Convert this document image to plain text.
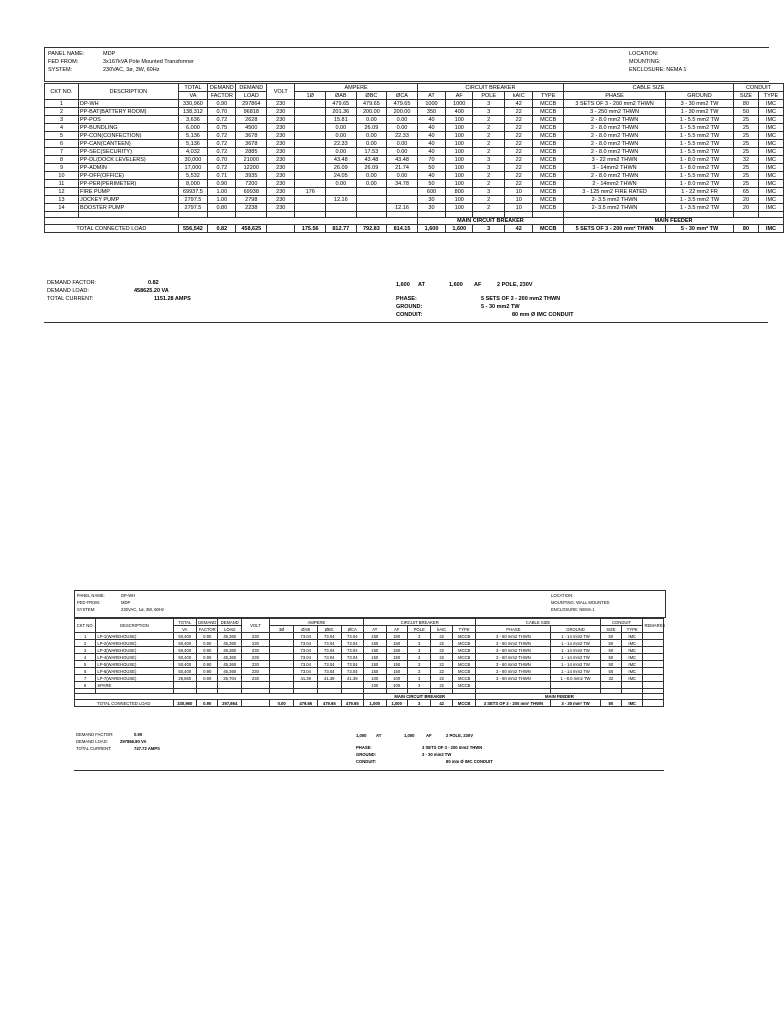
PANEL NAME:	MDP
FED FROM:	3x167kVA Pole Mounted Transformer
SYSTEM:	230VAC, 3ø, 3W, 60Hz
LOCATION:
MOUNTING:
ENCLOSURE: NEMA 1
CKT NO.	DESCRIPTION	TOTAL	DEMAND	DEMAND	VOLT	AMPERE				CIRCUIT BREAKER					CABLE SIZE		CONDUIT	
		VA	FACTOR	LOAD		1Ø	ØAB	ØBC	ØCA	AT	AF	POLE	kAIC	TYPE	PHASE	GROUND	SIZE	TYPE
1	DP-WH	330,960	0.90	297864	230		479.65	479.65	479.65	1000	1000	3	42	MCCB	3 SETS OF 3 - 200 mm2 THWN	3 - 30 mm2 TW	80	IMC
2	PP-BAT(BATTERY ROOM)	138,312	0.70	96818	230		201.36	200.00	200.00	350	400	3	22	MCCB	3 - 250 mm2 THWN	1 - 30 mm2 TW	50	IMC
3	PP-POS	3,636	0.72	2628	230		15.81	0.00	0.00	40	100	2	22	MCCB	2 - 8.0 mm2 THWN	1 - 5.5 mm2 TW	25	IMC
4	PP-BUNDLING	6,000	0.75	4500	230		0.00	26.09	0.00	40	100	2	22	MCCB	2 - 8.0 mm2 THWN	1 - 5.5 mm2 TW	25	IMC
5	PP-CON(CONFECTION)	5,136	0.72	3678	230		0.00	0.00	22.33	40	100	2	22	MCCB	2 - 8.0 mm2 THWN	1 - 5.5 mm2 TW	25	IMC
6	PP-CAN(CANTEEN)	5,136	0.72	3678	230		22.33	0.00	0.00	40	100	2	22	MCCB	2 - 8.0 mm2 THWN	1 - 5.5 mm2 TW	25	IMC
7	PP-SEC(SECURITY)	4,032	0.72	2885	230		0.00	17.53	0.00	40	100	2	22	MCCB	2 - 8.0 mm2 THWN	1 - 5.5 mm2 TW	25	IMC
8	PP-DL(DOCK LEVELERS)	30,000	0.70	21000	230		43.48	43.48	43.48	70	100	3	22	MCCB	3 - 22 mm2 THWN	1 - 8.0 mm2 TW	32	IMC
9	PP-ADMIN	17,000	0.72	12200	230		26.09	26.09	21.74	50	100	3	22	MCCB	3 - 14mm2 THWN	1 - 8.0 mm2 TW	25	IMC
10	PP-OFF(OFFICE)	5,532	0.71	3935	230		24.05	0.00	0.00	40	100	2	22	MCCB	2 - 8.0 mm2 THWN	1 - 5.5 mm2 TW	25	IMC
11	PP-PER(PERIMETER)	8,000	0.90	7200	230		0.00	0.00	34.78	50	100	2	22	MCCB	2 - 14mm2 THWN	1 - 8.0 mm2 TW	25	IMC
12	FIRE PUMP	69937.5	1.00	69938	230	176				600	800	3	10	MCCB	3 - 125 mm2 FIRE RATED	1 - 22 mm2 FR	65	IMC
13	JOCKEY PUMP	2797.5	1.00	2798	230		12.16			30	100	2	10	MCCB	2- 3.5 mm2 THWN	1 - 3.5 mm2 TW	20	IMC
14	BOOSTER PUMP	2797.5	0.80	2238	230				12.16	30	100	2	10	MCCB	2- 3.5 mm2 THWN	1 - 3.5 mm2 TW	20	IMC

										MAIN CIRCUIT BREAKER					MAIN FEEDER			
TOTAL CONNECTED LOAD		556,542	0.82	458,625		175.56	812.77	792.83	814.15	1,600	1,600	3	42	MCCB	5 SETS OF 3 - 200 mm² THWN	5 - 30 mm² TW	80	IMC
DEMAND FACTOR:	0.82
DEMAND LOAD:	458625.20 VA
TOTAL CURRENT:	1151.28 AMPS
1,600 AT	1,600 AF	2 POLE, 230V
PHASE:	5 SETS OF 3 - 200 mm2 THWN
GROUND:	5 - 30 mm2 TW
CONDUIT:	80 mm Ø IMC CONDUIT
PANEL NAME:	DP-WH
FED FROM:	MDP
SYSTEM:	230VAC, 1ø, 3W, 60Hz
LOCATION:
MOUNTING: WALL MOUNTED
ENCLOSURE: NEMA 1
CKT NO.	DESCRIPTION	TOTAL	DEMAND	DEMAND	VOLT	AMPERE				CIRCUIT BREAKER					CABLE SIZE		CONDUIT		REMARKS
		VA	FACTOR	LOAD		3Ø	ØAB	ØBC	ØCA	AT	AF	POLE	kAIC	TYPE	PHASE	GROUND	SIZE	TYPE	
1	LP-1(WAREHOUSE)	50,400	0.90	45,360	230		73.04	73.04	73.04	150	150	3	22	MCCB	3 - 60 mm2 THWN	1 - 14 mm2 TW	50	IMC	
2	LP-2(WAREHOUSE)	50,400	0.90	45,360	230		73.04	73.04	73.04	150	150	3	22	MCCB	3 - 60 mm2 THWN	1 - 14 mm2 TW	50	IMC	
3	LP-3(WAREHOUSE)	50,400	0.90	45,360	230		73.04	73.04	73.04	150	150	3	22	MCCB	3 - 60 mm2 THWN	1 - 14 mm2 TW	50	IMC	
4	LP-4(WAREHOUSE)	50,400	0.90	45,360	230		73.04	73.04	73.04	150	150	3	22	MCCB	3 - 60 mm2 THWN	1 - 14 mm2 TW	50	IMC	
5	LP-5(WAREHOUSE)	50,400	0.90	45,360	230		73.04	73.04	73.04	150	150	3	22	MCCB	3 - 60 mm2 THWN	1 - 14 mm2 TW	50	IMC	
6	LP-6(WAREHOUSE)	50,400	0.90	45,360	230		73.04	73.04	73.04	150	150	3	22	MCCB	3 - 60 mm2 THWN	1 - 14 mm2 TW	50	IMC	
7	LP-7(WAREHOUSE)	28,560	0.90	25,704	230		41.39	41.39	41.39	100	100	3	22	MCCB	3 - 60 mm2 THWN	1 - 8.0 mm2 TW	32	IMC	
8	SPARE									100	100	3	22	MCCB					

										MAIN CIRCUIT BREAKER					MAIN FEEDER				
TOTAL CONNECTED LOAD		330,960	0.90	297,864		0.00	479.65	479.65	479.65	1,000	1,000	3	42	MCCB	3 SETS OF 3 - 200 mm² THWN	3 - 30 mm² TW	80	IMC	
DEMAND FACTOR:	0.90
DEMAND LOAD:	297866.80 VA
TOTAL CURRENT:	747.72 AMPS
1,000 AT	1,000	AF	2 POLE, 230V
PHASE:	3 SETS OF 3 - 200 mm2 THWN
GROUND:	3 - 30 mm2 TW
CONDUIT:	80 mm Ø IMC CONDUIT
